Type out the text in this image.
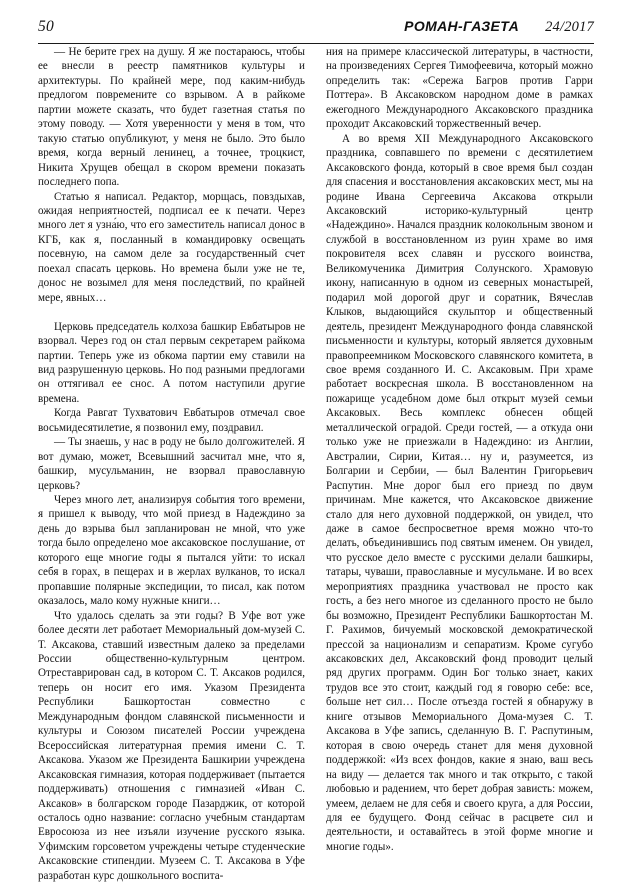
50	РОМАН-ГАЗЕТА 24/2017

— Не берите грех на душу. Я же постараюсь, чтобы ее внесли в реестр памятников культуры и архитектуры. По крайней мере, под каким-нибудь предлогом повремените со взрывом. А в райкоме партии можете сказать, что будет газетная статья по этому поводу. — Хотя уверенности у меня в том, что такую статью опубликуют, у меня не было. Это было время, когда верный ленинец, а точнее, троцкист, Никита Хрущев обещал в скором времени показать последнего попа.

Статью я написал. Редактор, морщась, повздыхав, ожидая неприятностей, подписал ее к печати. Через много лет я узна́ю, что его заместитель написал донос в КГБ, как я, посланный в командировку освещать посевную, на самом деле за государственный счет поехал спасать церковь. Но времена были уже не те, донос не возымел для меня последствий, по крайней мере, явных…

Церковь председатель колхоза башкир Евбатыров не взорвал. Через год он стал первым секретарем райкома партии. Теперь уже из обкома партии ему ставили на вид разрушенную церковь. Но под разными предлогами он оттягивал ее снос. А потом наступили другие времена.

Когда Равгат Тухватович Евбатыров отмечал свое восьмидесятилетие, я позвонил ему, поздравил.

— Ты знаешь, у нас в роду не было долгожителей. Я вот думаю, может, Всевышний засчитал мне, что я, башкир, мусульманин, не взорвал православную церковь?

Через много лет, анализируя события того времени, я пришел к выводу, что мой приезд в Надеждино за день до взрыва был запланирован не мной, что уже тогда было определено мое аксаковское послушание, от которого еще многие годы я пытался уйти: то искал себя в горах, в пещерах и в жерлах вулканов, то искал пропавшие полярные экспедиции, то писал, как потом оказалось, мало кому нужные книги…

Что удалось сделать за эти годы? В Уфе вот уже более десяти лет работает Мемориальный дом-музей С. Т. Аксакова, ставший известным далеко за пределами России общественно-культурным центром. Отреставрирован сад, в котором С. Т. Аксаков родился, теперь он носит его имя. Указом Президента Республики Башкортостан совместно с Международным фондом славянской письменности и культуры и Союзом писателей России учреждена Всероссийская литературная премия имени С. Т. Аксакова. Указом же Президента Башкирии учреждена Аксаковская гимназия, которая поддерживает (пытается поддерживать) отношения с гимназией «Иван С. Аксаков» в болгарском городе Пазарджик, от которой осталось одно название: согласно учебным стандартам Евросоюза из нее изъяли изучение русского языка. Уфимским горсоветом учреждены четыре студенческие Аксаковские стипендии. Музеем С. Т. Аксакова в Уфе разработан курс дошкольного воспита-

ния на примере классической литературы, в частности, на произведениях Сергея Тимофеевича, который можно определить так: «Сережа Багров против Гарри Поттера». В Аксаковском народном доме в рамках ежегодного Международного Аксаковского праздника проходит Аксаковский торжественный вечер.

А во время XII Международного Аксаковского праздника, совпавшего по времени с десятилетием Аксаковского фонда, который в свое время был создан для спасения и восстановления аксаковских мест, мы на родине Ивана Сергеевича Аксакова открыли Аксаковский историко-культурный центр «Надеждино». Начался праздник колокольным звоном и службой в восстановленном из руин храме во имя покровителя всех славян и русского воинства, Великомученика Димитрия Солунского. Храмовую икону, написанную в одном из северных монастырей, подарил мой дорогой друг и соратник, Вячеслав Клыков, выдающийся скульптор и общественный деятель, президент Международного фонда славянской письменности и культуры, который является духовным правопреемником Московского славянского комитета, в свое время созданного И. С. Аксаковым. При храме работает воскресная школа. В восстановленном на пожарище усадебном доме был открыт музей семьи Аксаковых. Весь комплекс обнесен общей металлической оградой. Среди гостей, — а откуда они только уже не приезжали в Надеждино: из Англии, Австралии, Сирии, Китая… ну и, разумеется, из Болгарии и Сербии, — был Валентин Григорьевич Распутин. Мне дорог был его приезд по двум причинам. Мне кажется, что Аксаковское движение стало для него духовной поддержкой, он увидел, что даже в самое беспросветное время можно что-то делать, объединившись под святым именем. Он увидел, что русское дело вместе с русскими делали башкиры, татары, чуваши, православные и мусульмане. И во всех мероприятиях праздника участвовал не просто как гость, а без него многое из сделанного просто не было бы возможно, Президент Республики Башкортостан М. Г. Рахимов, бичуемый московской демократической прессой за национализм и сепаратизм. Кроме сугубо аксаковских дел, Аксаковский фонд проводит целый ряд других программ. Один Бог только знает, каких трудов все это стоит, каждый год я говорю себе: все, больше нет сил… После отъезда гостей я обнаружу в книге отзывов Мемориального Дома-музея С. Т. Аксакова в Уфе запись, сделанную В. Г. Распутиным, которая в свою очередь станет для меня духовной поддержкой: «Из всех фондов, какие я знаю, ваш весь на виду — делается так много и так открыто, с такой любовью и радением, что берет добрая зависть: можем, умеем, делаем не для себя и своего круга, а для России, для ее будущего. Фонд сейчас в расцвете сил и деятельности, и оставайтесь в этой форме многие и многие годы».
